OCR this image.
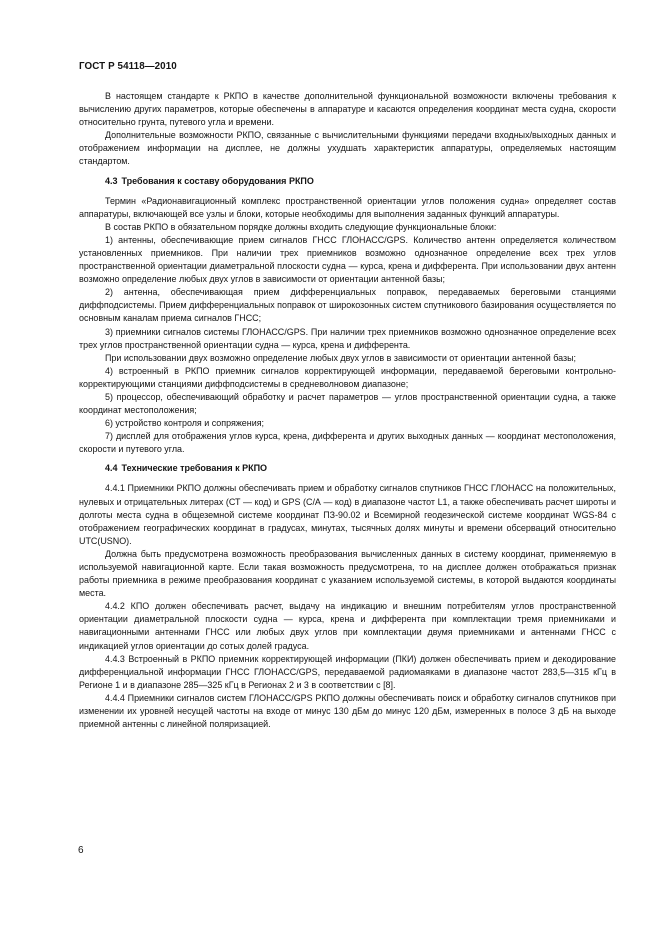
ГОСТ Р 54118—2010

В настоящем стандарте к РКПО в качестве дополнительной функциональной возможности включены требования к вычислению других параметров, которые обеспечены в аппаратуре и касаются определения координат места судна, скорости относительно грунта, путевого угла и времени.

Дополнительные возможности РКПО, связанные с вычислительными функциями передачи входных/выходных данных и отображением информации на дисплее, не должны ухудшать характеристик аппаратуры, определяемых настоящим стандартом.

4.3 Требования к составу оборудования РКПО

Термин «Радионавигационный комплекс пространственной ориентации углов положения судна» определяет состав аппаратуры, включающей все узлы и блоки, которые необходимы для выполнения заданных функций аппаратуры.

В состав РКПО в обязательном порядке должны входить следующие функциональные блоки:

1) антенны, обеспечивающие прием сигналов ГНСС ГЛОНАСС/GPS. Количество антенн определяется количеством установленных приемников. При наличии трех приемников возможно однозначное определение всех трех углов пространственной ориентации диаметральной плоскости судна — курса, крена и дифферента. При использовании двух антенн возможно определение любых двух углов в зависимости от ориентации антенной базы;

2) антенна, обеспечивающая прием дифференциальных поправок, передаваемых береговыми станциями диффподсистемы. Прием дифференциальных поправок от широкозонных систем спутникового базирования осуществляется по основным каналам приема сигналов ГНСС;

3) приемники сигналов системы ГЛОНАСС/GPS. При наличии трех приемников возможно однозначное определение всех трех углов пространственной ориентации судна — курса, крена и дифферента.

При использовании двух возможно определение любых двух углов в зависимости от ориентации антенной базы;

4) встроенный в РКПО приемник сигналов корректирующей информации, передаваемой береговыми контрольно-корректирующими станциями диффподсистемы в средневолновом диапазоне;

5) процессор, обеспечивающий обработку и расчет параметров — углов пространственной ориентации судна, а также координат местоположения;

6) устройство контроля и сопряжения;

7) дисплей для отображения углов курса, крена, дифферента и других выходных данных — координат местоположения, скорости и путевого угла.

4.4 Технические требования к РКПО

4.4.1 Приемники РКПО должны обеспечивать прием и обработку сигналов спутников ГНСС ГЛОНАСС на положительных, нулевых и отрицательных литерах (СТ — код) и GPS (С/А — код) в диапазоне частот L1, а также обеспечивать расчет широты и долготы места судна в общеземной системе координат ПЗ-90.02 и Всемирной геодезической системе координат WGS-84 с отображением географических координат в градусах, минутах, тысячных долях минуты и времени обсерваций относительно UTC(USNO).

Должна быть предусмотрена возможность преобразования вычисленных данных в систему координат, применяемую в используемой навигационной карте. Если такая возможность предусмотрена, то на дисплее должен отображаться признак работы приемника в режиме преобразования координат с указанием используемой системы, в которой выдаются координаты места.

4.4.2 КПО должен обеспечивать расчет, выдачу на индикацию и внешним потребителям углов пространственной ориентации диаметральной плоскости судна — курса, крена и дифферента при комплектации тремя приемниками и навигационными антеннами ГНСС или любых двух углов при комплектации двумя приемниками и антеннами ГНСС с индикацией углов ориентации до сотых долей градуса.

4.4.3 Встроенный в РКПО приемник корректирующей информации (ПКИ) должен обеспечивать прием и декодирование дифференциальной информации ГНСС ГЛОНАСС/GPS, передаваемой радиомаяками в диапазоне частот 283,5—315 кГц в Регионе 1 и в диапазоне 285—325 кГц в Регионах 2 и 3 в соответствии с [8].

4.4.4 Приемники сигналов систем ГЛОНАСС/GPS РКПО должны обеспечивать поиск и обработку сигналов спутников при изменении их уровней несущей частоты на входе от минус 130 дБм до минус 120 дБм, измеренных в полосе 3 дБ на выходе приемной антенны с линейной поляризацией.

6
